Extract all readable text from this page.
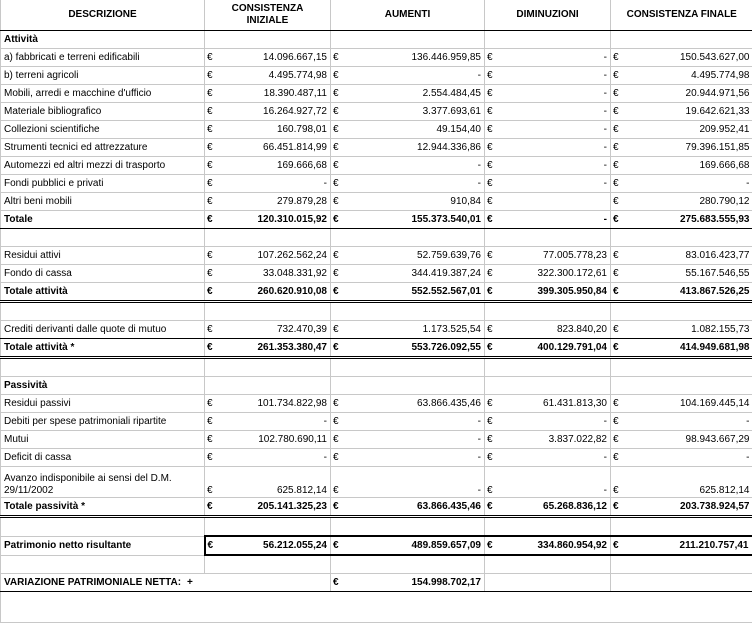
DESCRIZIONE	CONSISTENZA INIZIALE		AUMENTI		DIMINUZIONI		CONSISTENZA FINALE	
Attività								
a) fabbricati e terreni edificabili	€	14.096.667,15	€	136.446.959,85	€	-	€	150.543.627,00
b) terreni agricoli	€	4.495.774,98	€	-	€	-	€	4.495.774,98
Mobili, arredi e macchine d'ufficio	€	18.390.487,11	€	2.554.484,45	€	-	€	20.944.971,56
Materiale bibliografico	€	16.264.927,72	€	3.377.693,61	€	-	€	19.642.621,33
Collezioni scientifiche	€	160.798,01	€	49.154,40	€	-	€	209.952,41
Strumenti tecnici ed attrezzature	€	66.451.814,99	€	12.944.336,86	€	-	€	79.396.151,85
Automezzi ed altri mezzi di trasporto	€	169.666,68	€	-	€	-	€	169.666,68
Fondi pubblici e privati	€	-	€	-	€	-	€	-
Altri beni mobili	€	279.879,28	€	910,84	€		€	280.790,12
Totale	€	120.310.015,92	€	155.373.540,01	€	-	€	275.683.555,93

Residui attivi	€	107.262.562,24	€	52.759.639,76	€	77.005.778,23	€	83.016.423,77
Fondo di cassa	€	33.048.331,92	€	344.419.387,24	€	322.300.172,61	€	55.167.546,55
Totale attività	€	260.620.910,08	€	552.552.567,01	€	399.305.950,84	€	413.867.526,25

Crediti derivanti dalle quote di mutuo	€	732.470,39	€	1.173.525,54	€	823.840,20	€	1.082.155,73
Totale attività *	€	261.353.380,47	€	553.726.092,55	€	400.129.791,04	€	414.949.681,98

Passività								
Residui passivi	€	101.734.822,98	€	63.866.435,46	€	61.431.813,30	€	104.169.445,14
Debiti per spese patrimoniali ripartite	€	-	€	-	€	-	€	-
Mutui	€	102.780.690,11	€	-	€	3.837.022,82	€	98.943.667,29
Deficit di cassa	€	-	€	-	€	-	€	-
Avanzo indisponibile ai sensi del D.M. 29/11/2002	€	625.812,14	€	-	€	-	€	625.812,14
Totale passività *	€	205.141.325,23	€	63.866.435,46	€	65.268.836,12	€	203.738.924,57

Patrimonio netto risultante	€	56.212.055,24	€	489.859.657,09	€	334.860.954,92	€	211.210.757,41

VARIAZIONE PATRIMONIALE NETTA: +			€	154.998.702,17				
